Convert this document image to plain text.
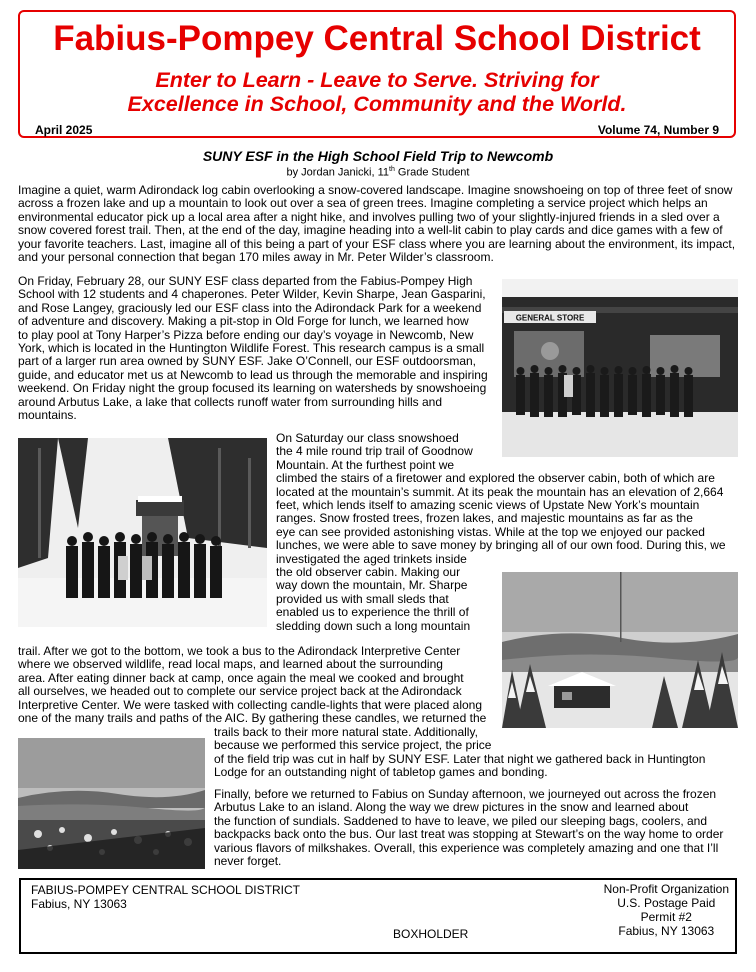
Fabius-Pompey Central School District
Enter to Learn - Leave to Serve. Striving for
Excellence in School, Community and the World.
April 2025	Volume 74, Number 9
SUNY ESF in the High School Field Trip to Newcomb
by Jordan Janicki, 11th Grade Student
Imagine a quiet, warm Adirondack log cabin overlooking a snow-covered landscape. Imagine snowshoeing on top of three feet of snow
across a frozen lake and up a mountain to look out over a sea of green trees. Imagine completing a service project which helps an
environmental educator pick up a local area after a night hike, and involves pulling two of your slightly-injured friends in a sled over a
snow covered forest trail. Then, at the end of the day, imagine heading into a well-lit cabin to play cards and dice games with a few of
your favorite teachers. Last, imagine all of this being a part of your ESF class where you are learning about the environment, its impact,
and your personal connection that began 170 miles away in Mr. Peter Wilder’s classroom.
On Friday, February 28, our SUNY ESF class departed from the Fabius-Pompey High
School with 12 students and 4 chaperones. Peter Wilder, Kevin Sharpe, Jean Gasparini,
and Rose Langey, graciously led our ESF class into the Adirondack Park for a weekend
of adventure and discovery. Making a pit-stop in Old Forge for lunch, we learned how
to play pool at Tony Harper’s Pizza before ending our day’s voyage in Newcomb, New
York, which is located in the Huntington Wildlife Forest. This research campus is a small
part of a larger run area owned by SUNY ESF. Jake O’Connell, our ESF outdoorsman,
guide, and educator met us at Newcomb to lead us through the memorable and inspiring
weekend. On Friday night the group focused its learning on watersheds by snowshoeing
around Arbutus Lake, a lake that collects runoff water from surrounding hills and
mountains.
On Saturday our class snowshoed
the 4 mile round trip trail of Goodnow
Mountain. At the furthest point we
climbed the stairs of a firetower and explored the observer cabin, both of which are
located at the mountain’s summit. At its peak the mountain has an elevation of 2,664
feet, which lends itself to amazing scenic views of Upstate New York’s mountain
ranges. Snow frosted trees, frozen lakes, and majestic mountains as far as the
eye can see provided astonishing vistas. While at the top we enjoyed our packed
lunches, we were able to save money by bringing all of our own food. During this, we
investigated the aged trinkets inside
the old observer cabin. Making our
way down the mountain, Mr. Sharpe
provided us with small sleds that
enabled us to experience the thrill of
sledding down such a long mountain
trail. After we got to the bottom, we took a bus to the Adirondack Interpretive Center
where we observed wildlife, read local maps, and learned about the surrounding
area. After eating dinner back at camp, once again the meal we cooked and brought
all ourselves, we headed out to complete our service project back at the Adirondack
Interpretive Center. We were tasked with collecting candle-lights that were placed along
one of the many trails and paths of the AIC. By gathering these candles, we returned the
trails back to their more natural state. Additionally,
because we performed this service project, the price
of the field trip was cut in half by SUNY ESF. Later that night we gathered back in Huntington
Lodge for an outstanding night of tabletop games and bonding.
Finally, before we returned to Fabius on Sunday afternoon, we journeyed out across the frozen
Arbutus Lake to an island. Along the way we drew pictures in the snow and learned about
the function of sundials. Saddened to have to leave, we piled our sleeping bags, coolers, and
backpacks back onto the bus. Our last treat was stopping at Stewart’s on the way home to order
various flavors of milkshakes. Overall, this experience was completely amazing and one that I’ll
never forget.
GENERAL STORE
FABIUS-POMPEY CENTRAL SCHOOL DISTRICT
Fabius, NY 13063
BOXHOLDER
Non-Profit Organization
U.S. Postage Paid
Permit #2
Fabius, NY 13063
